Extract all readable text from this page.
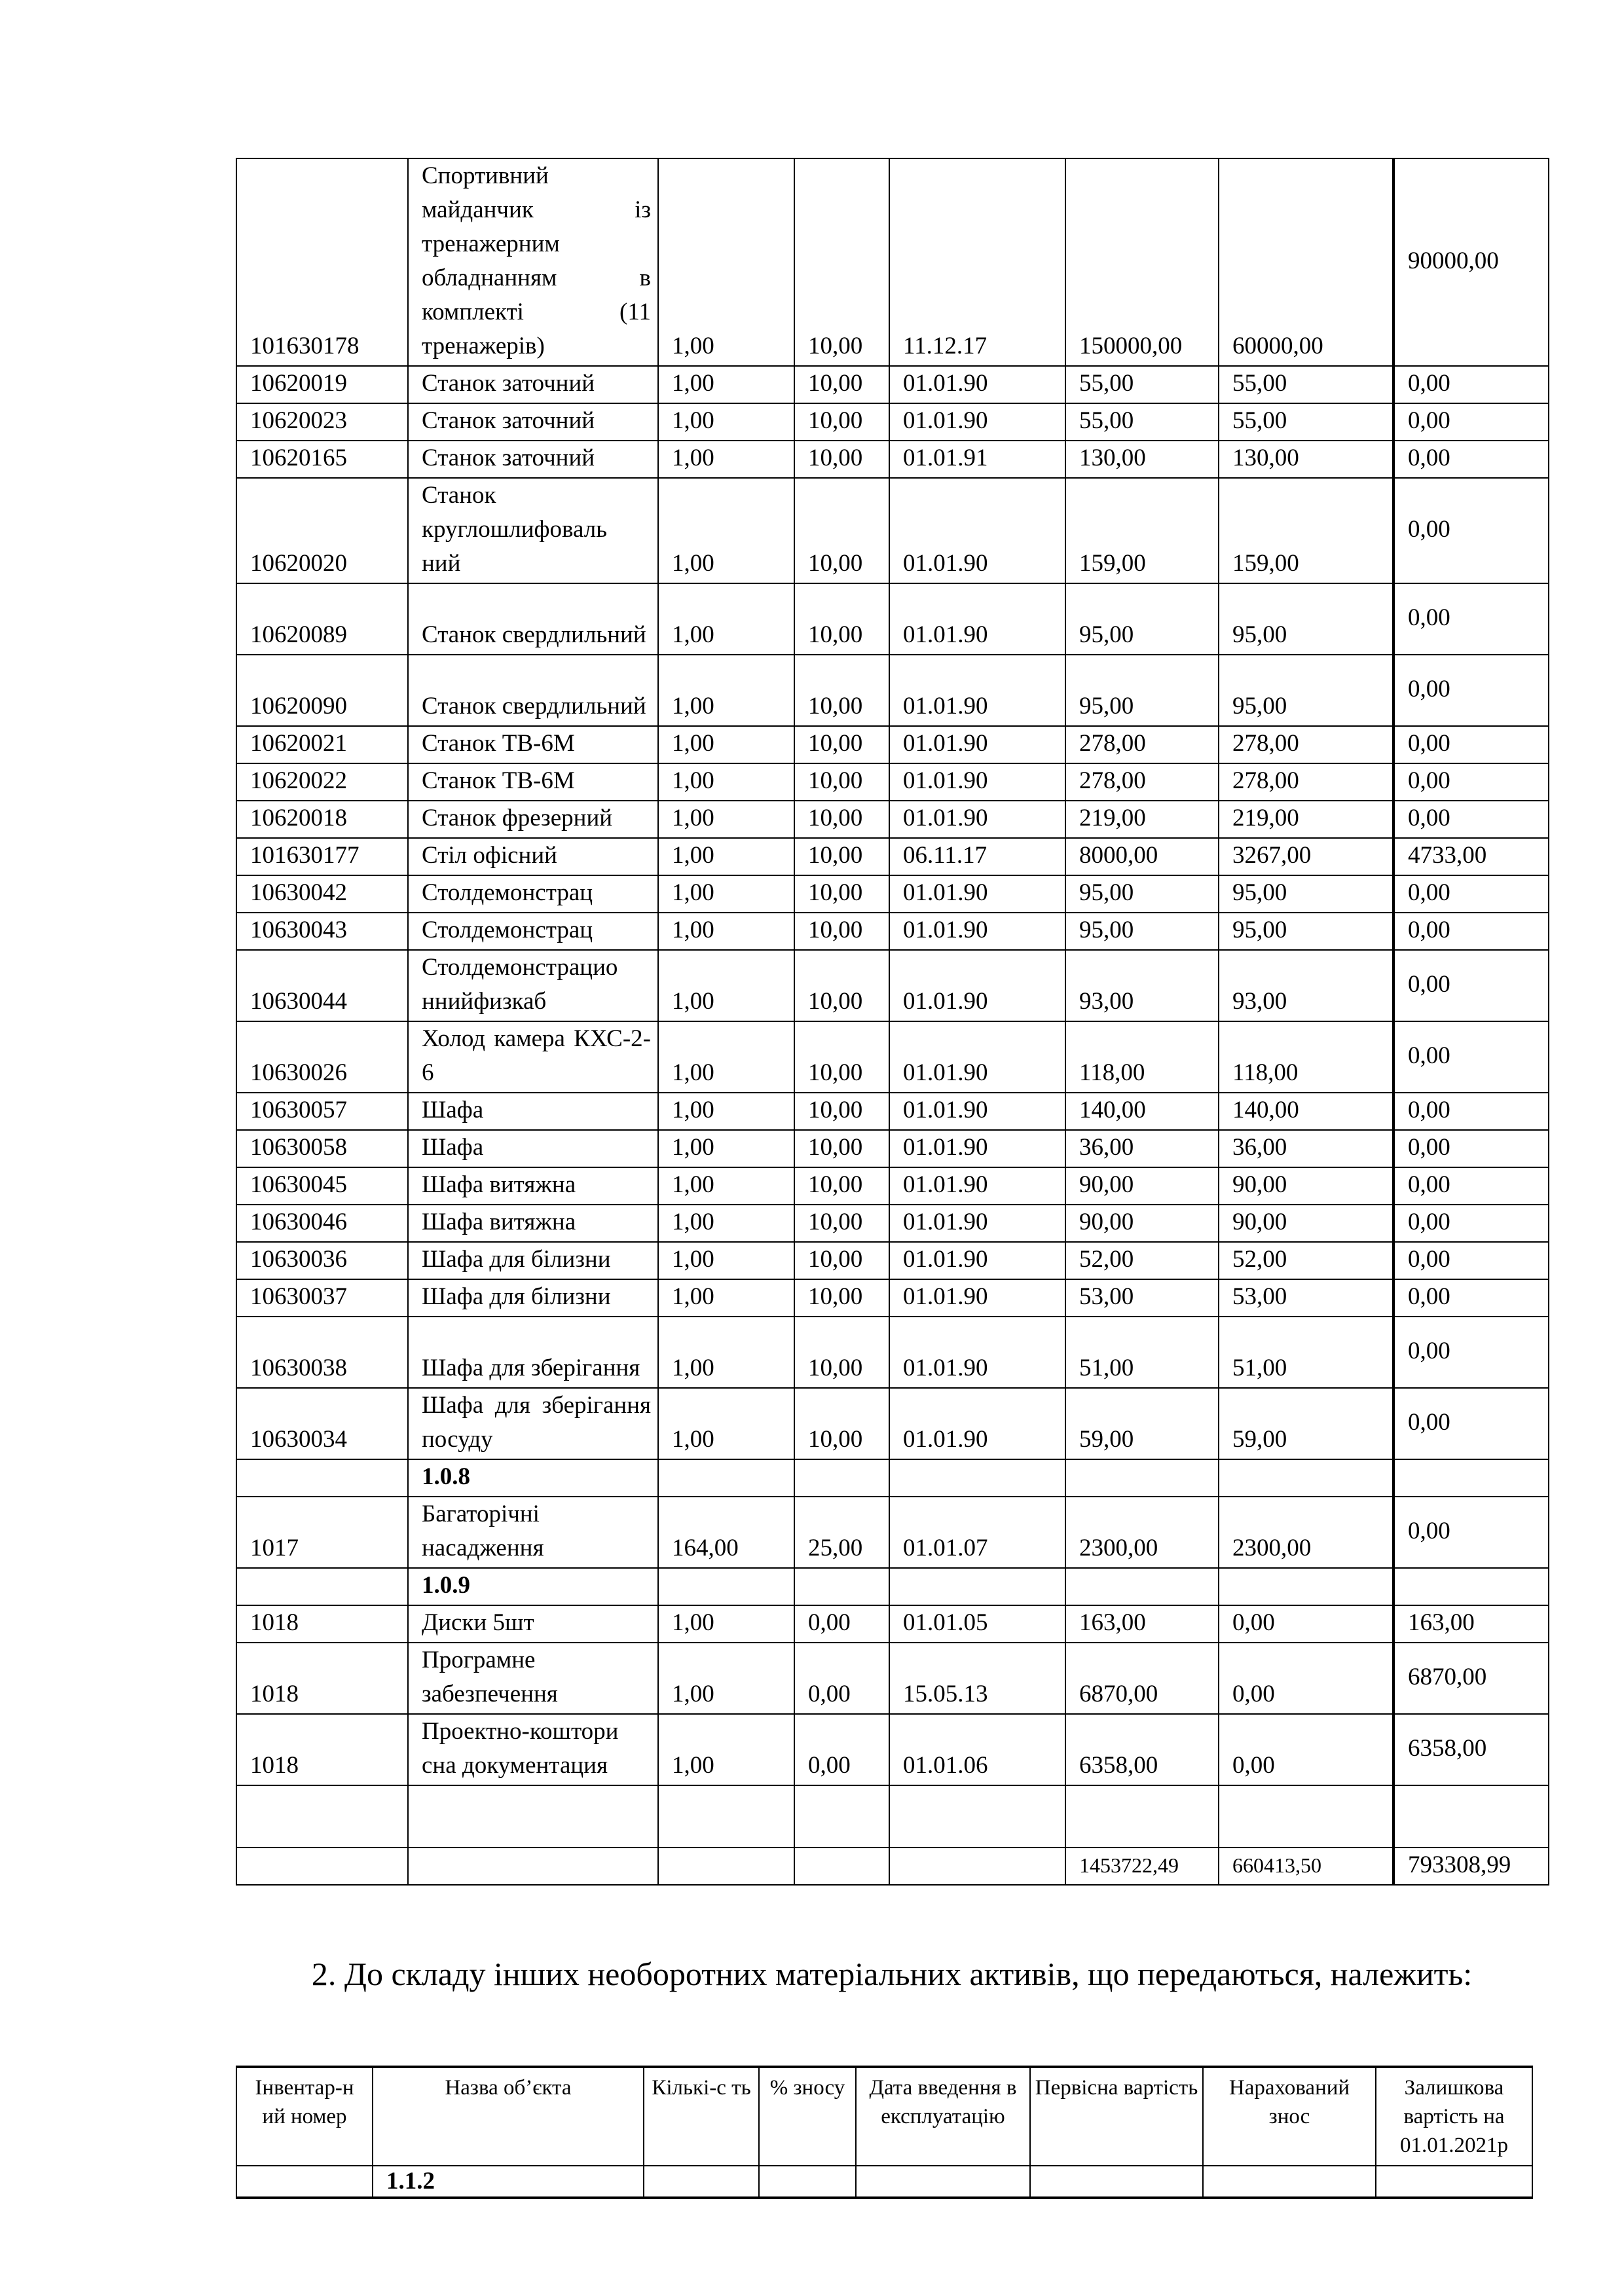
101630178	Спортивний майданчик із тренажерним обладнанням в комплекті (11 тренажерів)	1,00	10,00	11.12.17	150000,00	60000,00	90000,00
10620019	Станок заточний	1,00	10,00	01.01.90	55,00	55,00	0,00
10620023	Станок заточний	1,00	10,00	01.01.90	55,00	55,00	0,00
10620165	Станок заточний	1,00	10,00	01.01.91	130,00	130,00	0,00
10620020	Станок круглошлифоваль ний	1,00	10,00	01.01.90	159,00	159,00	0,00
10620089	Станок свердлильний	1,00	10,00	01.01.90	95,00	95,00	0,00
10620090	Станок свердлильний	1,00	10,00	01.01.90	95,00	95,00	0,00
10620021	Станок ТВ-6М	1,00	10,00	01.01.90	278,00	278,00	0,00
10620022	Станок ТВ-6М	1,00	10,00	01.01.90	278,00	278,00	0,00
10620018	Станок фрезерний	1,00	10,00	01.01.90	219,00	219,00	0,00
101630177	Стіл офісний	1,00	10,00	06.11.17	8000,00	3267,00	4733,00
10630042	Столдемонстрац	1,00	10,00	01.01.90	95,00	95,00	0,00
10630043	Столдемонстрац	1,00	10,00	01.01.90	95,00	95,00	0,00
10630044	Столдемонстрацио ннийфизкаб	1,00	10,00	01.01.90	93,00	93,00	0,00
10630026	Холод камера КХС-2-6	1,00	10,00	01.01.90	118,00	118,00	0,00
10630057	Шафа	1,00	10,00	01.01.90	140,00	140,00	0,00
10630058	Шафа	1,00	10,00	01.01.90	36,00	36,00	0,00
10630045	Шафа витяжна	1,00	10,00	01.01.90	90,00	90,00	0,00
10630046	Шафа витяжна	1,00	10,00	01.01.90	90,00	90,00	0,00
10630036	Шафа для білизни	1,00	10,00	01.01.90	52,00	52,00	0,00
10630037	Шафа для білизни	1,00	10,00	01.01.90	53,00	53,00	0,00
10630038	Шафа для зберігання	1,00	10,00	01.01.90	51,00	51,00	0,00
10630034	Шафа для зберігання посуду	1,00	10,00	01.01.90	59,00	59,00	0,00
	1.0.8						
1017	Багаторічні насадження	164,00	25,00	01.01.07	2300,00	2300,00	0,00
	1.0.9						
1018	Диски 5шт	1,00	0,00	01.01.05	163,00	0,00	163,00
1018	Програмне забезпечення	1,00	0,00	15.05.13	6870,00	0,00	6870,00
1018	Проектно-коштори сна документация	1,00	0,00	01.01.06	6358,00	0,00	6358,00

					1453722,49	660413,50	793308,99
2. До складу інших необоротних матеріальних активів, що передаються, належить:
Інвентар-н ий номер	Назва об’єкта	Кількі-с ть	% зносу	Дата введення в експлуатацію	Первісна вартість	Нарахований знос	Залишкова вартість на 01.01.2021р
	1.1.2						
